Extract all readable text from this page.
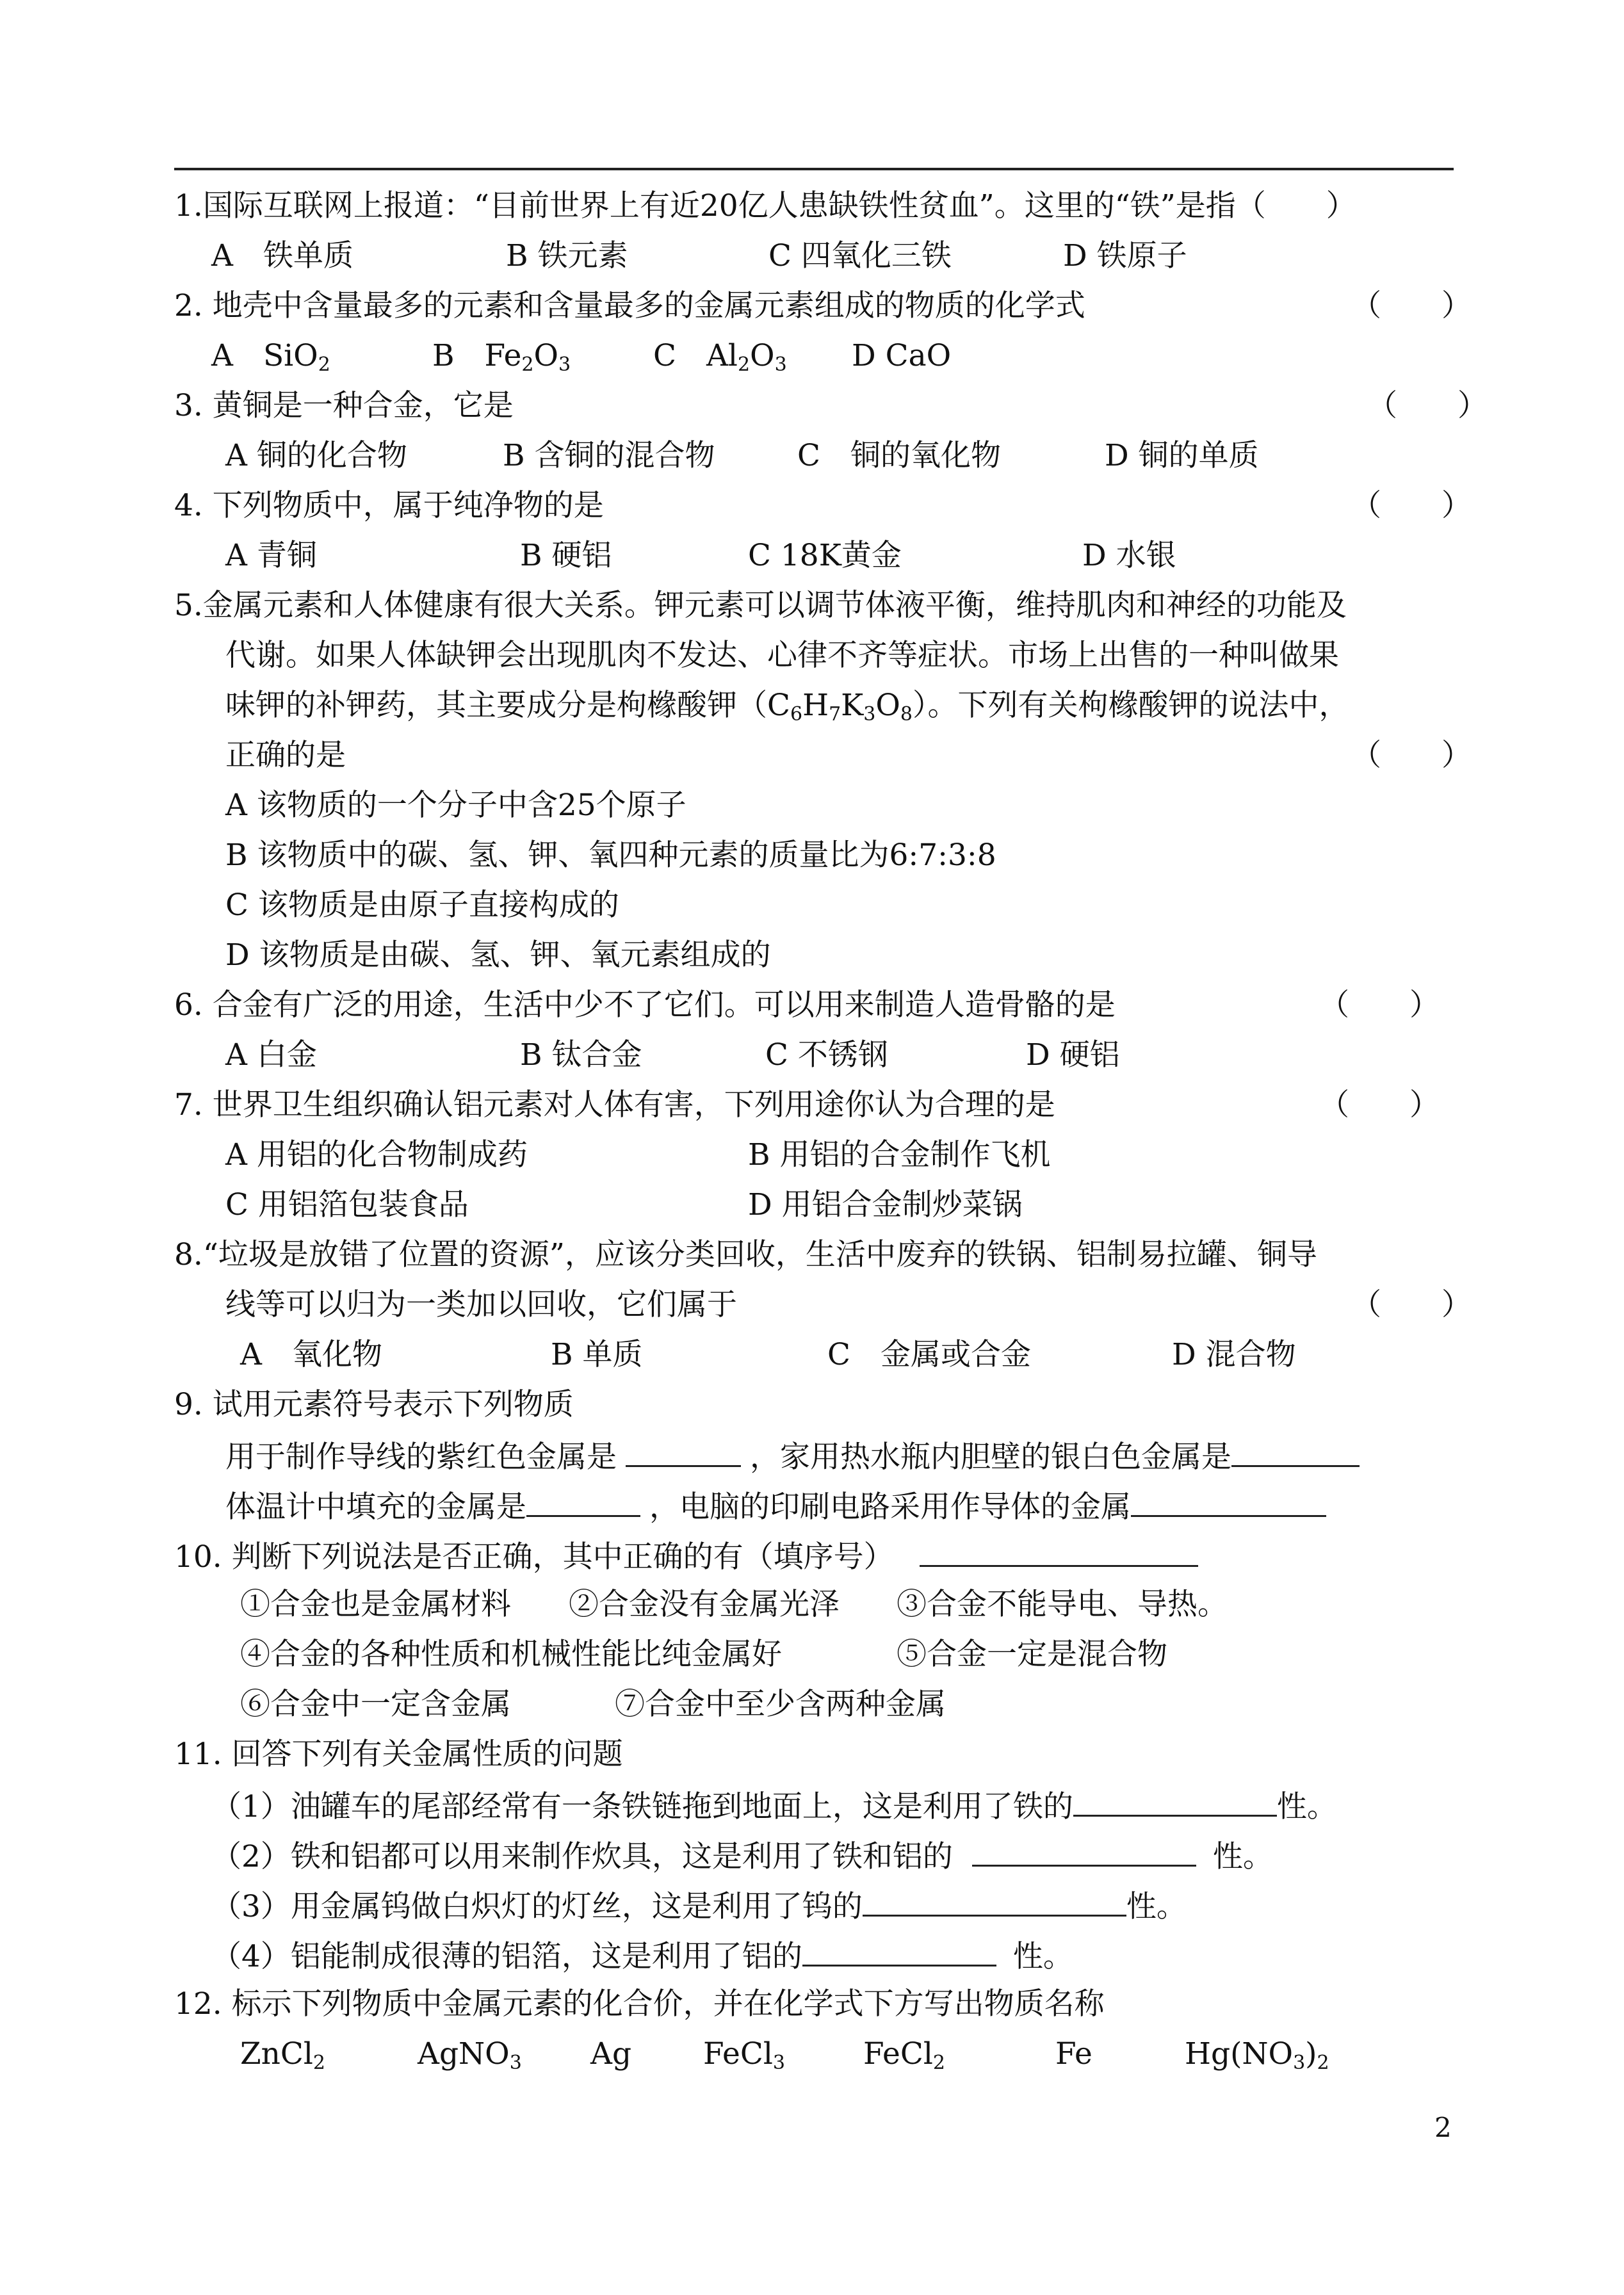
1.国际互联网上报道：“目前世界上有近20亿人患缺铁性贫血”。这里的“铁”是指（　　）
A　铁单质	B 铁元素	C 四氧化三铁	D 铁原子
2. 地壳中含量最多的元素和含量最多的金属元素组成的物质的化学式	（　　）
A　SiO$_2$	B　$Fe_2O_3$	C　$Al_2O_3$ D CaO
3. 黄铜是一种合金，它是	（　　）
A 铜的化合物	B 含铜的混合物	C　铜的氧化物	D 铜的单质
4. 下列物质中，属于纯净物的是	（　　）
A 青铜	B 硬铝	C 18K黄金	D 水银
5.金属元素和人体健康有很大关系。钾元素可以调节体液平衡，维持肌肉和神经的功能及
代谢。如果人体缺钾会出现肌肉不发达、心律不齐等症状。市场上出售的一种叫做果
味钾的补钾药，其主要成分是枸橼酸钾$(C_6H_7K_3O_8)$。下列有关枸橼酸钾的说法中，
正确的是	（　　）
A 该物质的一个分子中含25个原子
B 该物质中的碳、氢、钾、氧四种元素的质量比为6:7:3:8
C 该物质是由原子直接构成的
D 该物质是由碳、氢、钾、氧元素组成的
6. 合金有广泛的用途，生活中少不了它们。可以用来制造人造骨骼的是	（　　）
A 白金	B 钛合金	C 不锈钢	D 硬铝
7. 世界卫生组织确认铝元素对人体有害，下列用途你认为合理的是	（　　）
A 用铝的化合物制成药	B 用铝的合金制作飞机
C 用铝箔包装食品	D 用铝合金制炒菜锅
8.“垃圾是放错了位置的资源”，应该分类回收，生活中废弃的铁锅、铝制易拉罐、铜导
线等可以归为一类加以回收，它们属于	（　　）
A　氧化物	B 单质	C　金属或合金	D 混合物
9. 试用元素符号表示下列物质
用于制作导线的紫红色金属是	，家用热水瓶内胆壁的银白色金属是
体温计中填充的金属是	，电脑的印刷电路采用作导体的金属
10. 判断下列说法是否正确，其中正确的有（填序号）
①合金也是金属材料 ②合金没有金属光泽 ③合金不能导电、导热。
④合金的各种性质和机械性能比纯金属好	⑤合金一定是混合物
⑥合金中一定含金属	⑦合金中至少含两种金属
11. 回答下列有关金属性质的问题
（1）油罐车的尾部经常有一条铁链拖到地面上，这是利用了铁的	性。
（2）铁和铝都可以用来制作炊具，这是利用了铁和铝的	性。
（3）用金属钨做白炽灯的灯丝，这是利用了钨的	性。
（4）铝能制成很薄的铝箔，这是利用了铝的	性。
12. 标示下列物质中金属元素的化合价，并在化学式下方写出物质名称
ZnCl$_2$	AgNO$_3$ Ag FeCl$_3$	FeCl$_2$	Fe	$Hg(NO_3)_2$
2
